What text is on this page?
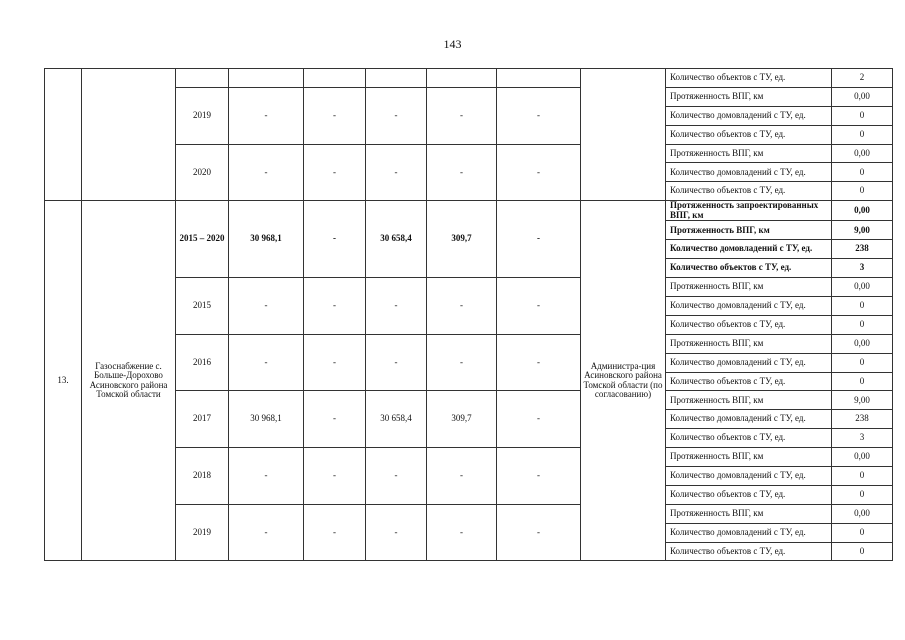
143
									Количество объектов с ТУ, ед.	2
		2019	-	-	-	-	-		Протяженность ВПГ, км	0,00
									Количество домовладений с ТУ, ед.	0
									Количество объектов с ТУ, ед.	0
		2020	-	-	-	-	-		Протяженность ВПГ, км	0,00
									Количество домовладений с ТУ, ед.	0
									Количество объектов с ТУ, ед.	0
13.	Газоснабжение с. Больше-Дорохово Асиновского района Томской области	2015 – 2020	30 968,1	-	30 658,4	309,7	-	Администра-ция Асиновского района Томской области (по согласованию)	Протяженность запроектированных ВПГ, км	0,00
									Протяженность ВПГ, км	9,00
									Количество домовладений с ТУ, ед.	238
									Количество объектов с ТУ, ед.	3
		2015	-	-	-	-	-		Протяженность ВПГ, км	0,00
									Количество домовладений с ТУ, ед.	0
									Количество объектов с ТУ, ед.	0
		2016	-	-	-	-	-		Протяженность ВПГ, км	0,00
									Количество домовладений с ТУ, ед.	0
									Количество объектов с ТУ, ед.	0
		2017	30 968,1	-	30 658,4	309,7	-		Протяженность ВПГ, км	9,00
									Количество домовладений с ТУ, ед.	238
									Количество объектов с ТУ, ед.	3
		2018	-	-	-	-	-		Протяженность ВПГ, км	0,00
									Количество домовладений с ТУ, ед.	0
									Количество объектов с ТУ, ед.	0
		2019	-	-	-	-	-		Протяженность ВПГ, км	0,00
									Количество домовладений с ТУ, ед.	0
									Количество объектов с ТУ, ед.	0
